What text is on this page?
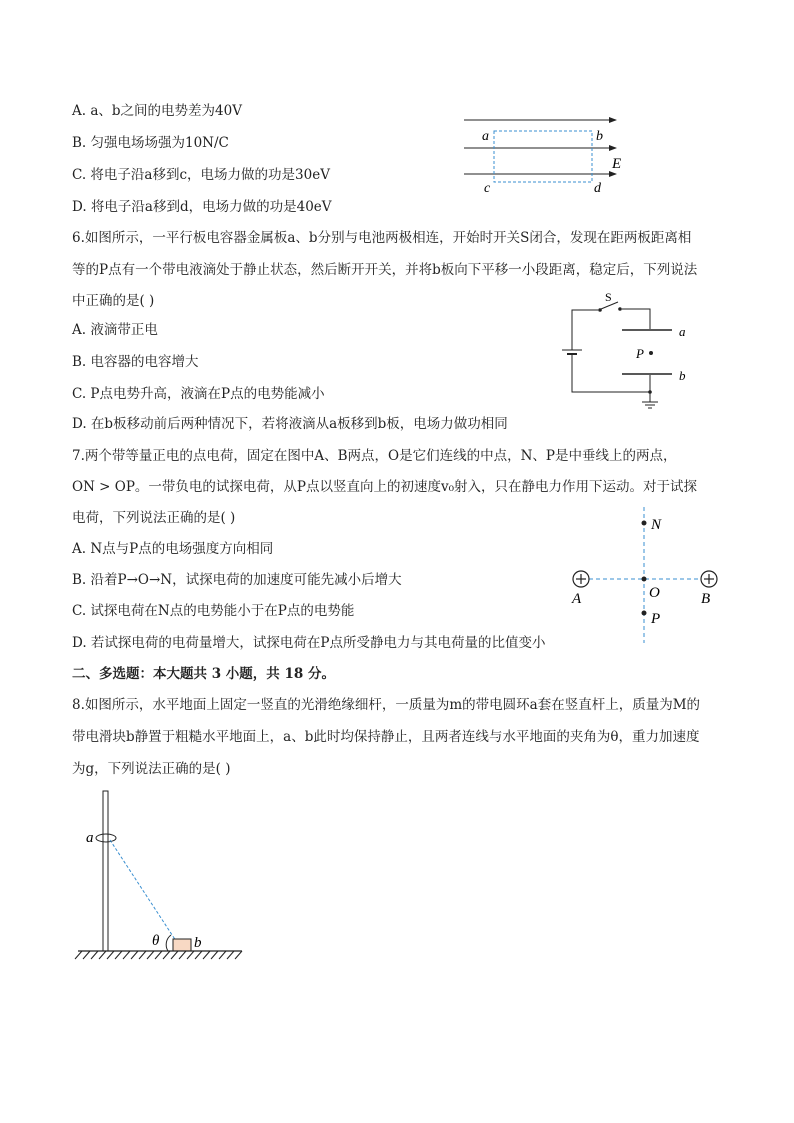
A. a、b之间的电势差为40V
B. 匀强电场场强为10N/C
C. 将电子沿a移到c，电场力做的功是30eV
D. 将电子沿a移到d，电场力做的功是40eV
a	b
c	d
E
6.如图所示，一平行板电容器金属板a、b分别与电池两极相连，开始时开关S闭合，发现在距两板距离相
等的P点有一个带电液滴处于静止状态，然后断开开关，并将b板向下平移一小段距离，稳定后，下列说法
中正确的是( )
A. 液滴带正电
B. 电容器的电容增大
C. P点电势升高，液滴在P点的电势能减小
D. 在b板移动前后两种情况下，若将液滴从a板移到b板，电场力做功相同
S
a
P
b
7.两个带等量正电的点电荷，固定在图中A、B两点，O是它们连线的中点，N、P是中垂线上的两点，
ON > OP。一带负电的试探电荷，从P点以竖直向上的初速度v₀射入，只在静电力作用下运动。对于试探
电荷，下列说法正确的是( )
A. N点与P点的电场强度方向相同
B. 沿着P→O→N，试探电荷的加速度可能先减小后增大
C. 试探电荷在N点的电势能小于在P点的电势能
D. 若试探电荷的电荷量增大，试探电荷在P点所受静电力与其电荷量的比值变小
N
O
P
A	B
二、多选题：本大题共 3 小题，共 18 分。
8.如图所示，水平地面上固定一竖直的光滑绝缘细杆，一质量为m的带电圆环a套在竖直杆上，质量为M的
带电滑块b静置于粗糙水平地面上，a、b此时均保持静止，且两者连线与水平地面的夹角为θ，重力加速度
为g，下列说法正确的是( )
a
θ b
